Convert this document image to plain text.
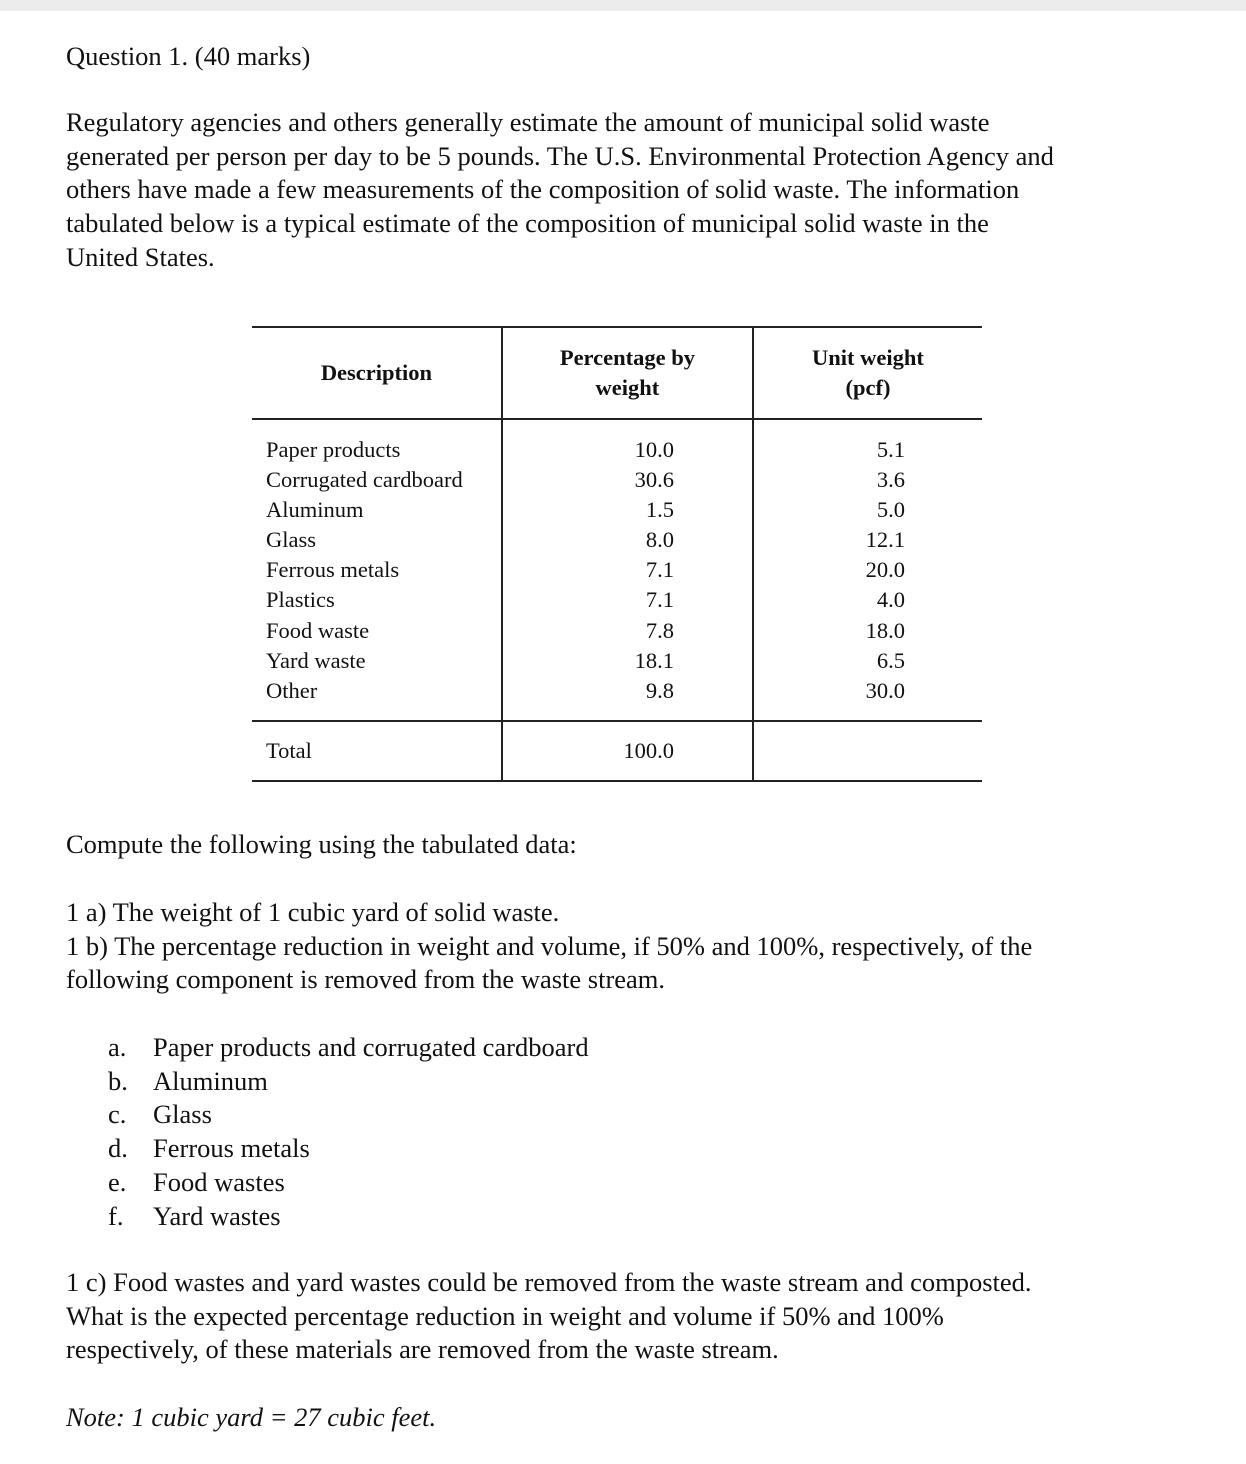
Question 1. (40 marks)

Regulatory agencies and others generally estimate the amount of municipal solid waste
generated per person per day to be 5 pounds. The U.S. Environmental Protection Agency and
others have made a few measurements of the composition of solid waste. The information
tabulated below is a typical estimate of the composition of municipal solid waste in the
United States.
Description	Percentage by weight	Unit weight (pcf)
Paper products	10.0	5.1
Corrugated cardboard	30.6	3.6
Aluminum	1.5	5.0
Glass	8.0	12.1
Ferrous metals	7.1	20.0
Plastics	7.1	4.0
Food waste	7.8	18.0
Yard waste	18.1	6.5
Other	9.8	30.0
Total	100.0	

Compute the following using the tabulated data:

1 a) The weight of 1 cubic yard of solid waste.
1 b) The percentage reduction in weight and volume, if 50% and 100%, respectively, of the
following component is removed from the waste stream.
a.	Paper products and corrugated cardboard
b. Aluminum
c.	Glass
d. Ferrous metals
e.	Food wastes
f.	Yard wastes
1 c) Food wastes and yard wastes could be removed from the waste stream and composted.
What is the expected percentage reduction in weight and volume if 50% and 100%
respectively, of these materials are removed from the waste stream.

Note: 1 cubic yard = 27 cubic feet.
